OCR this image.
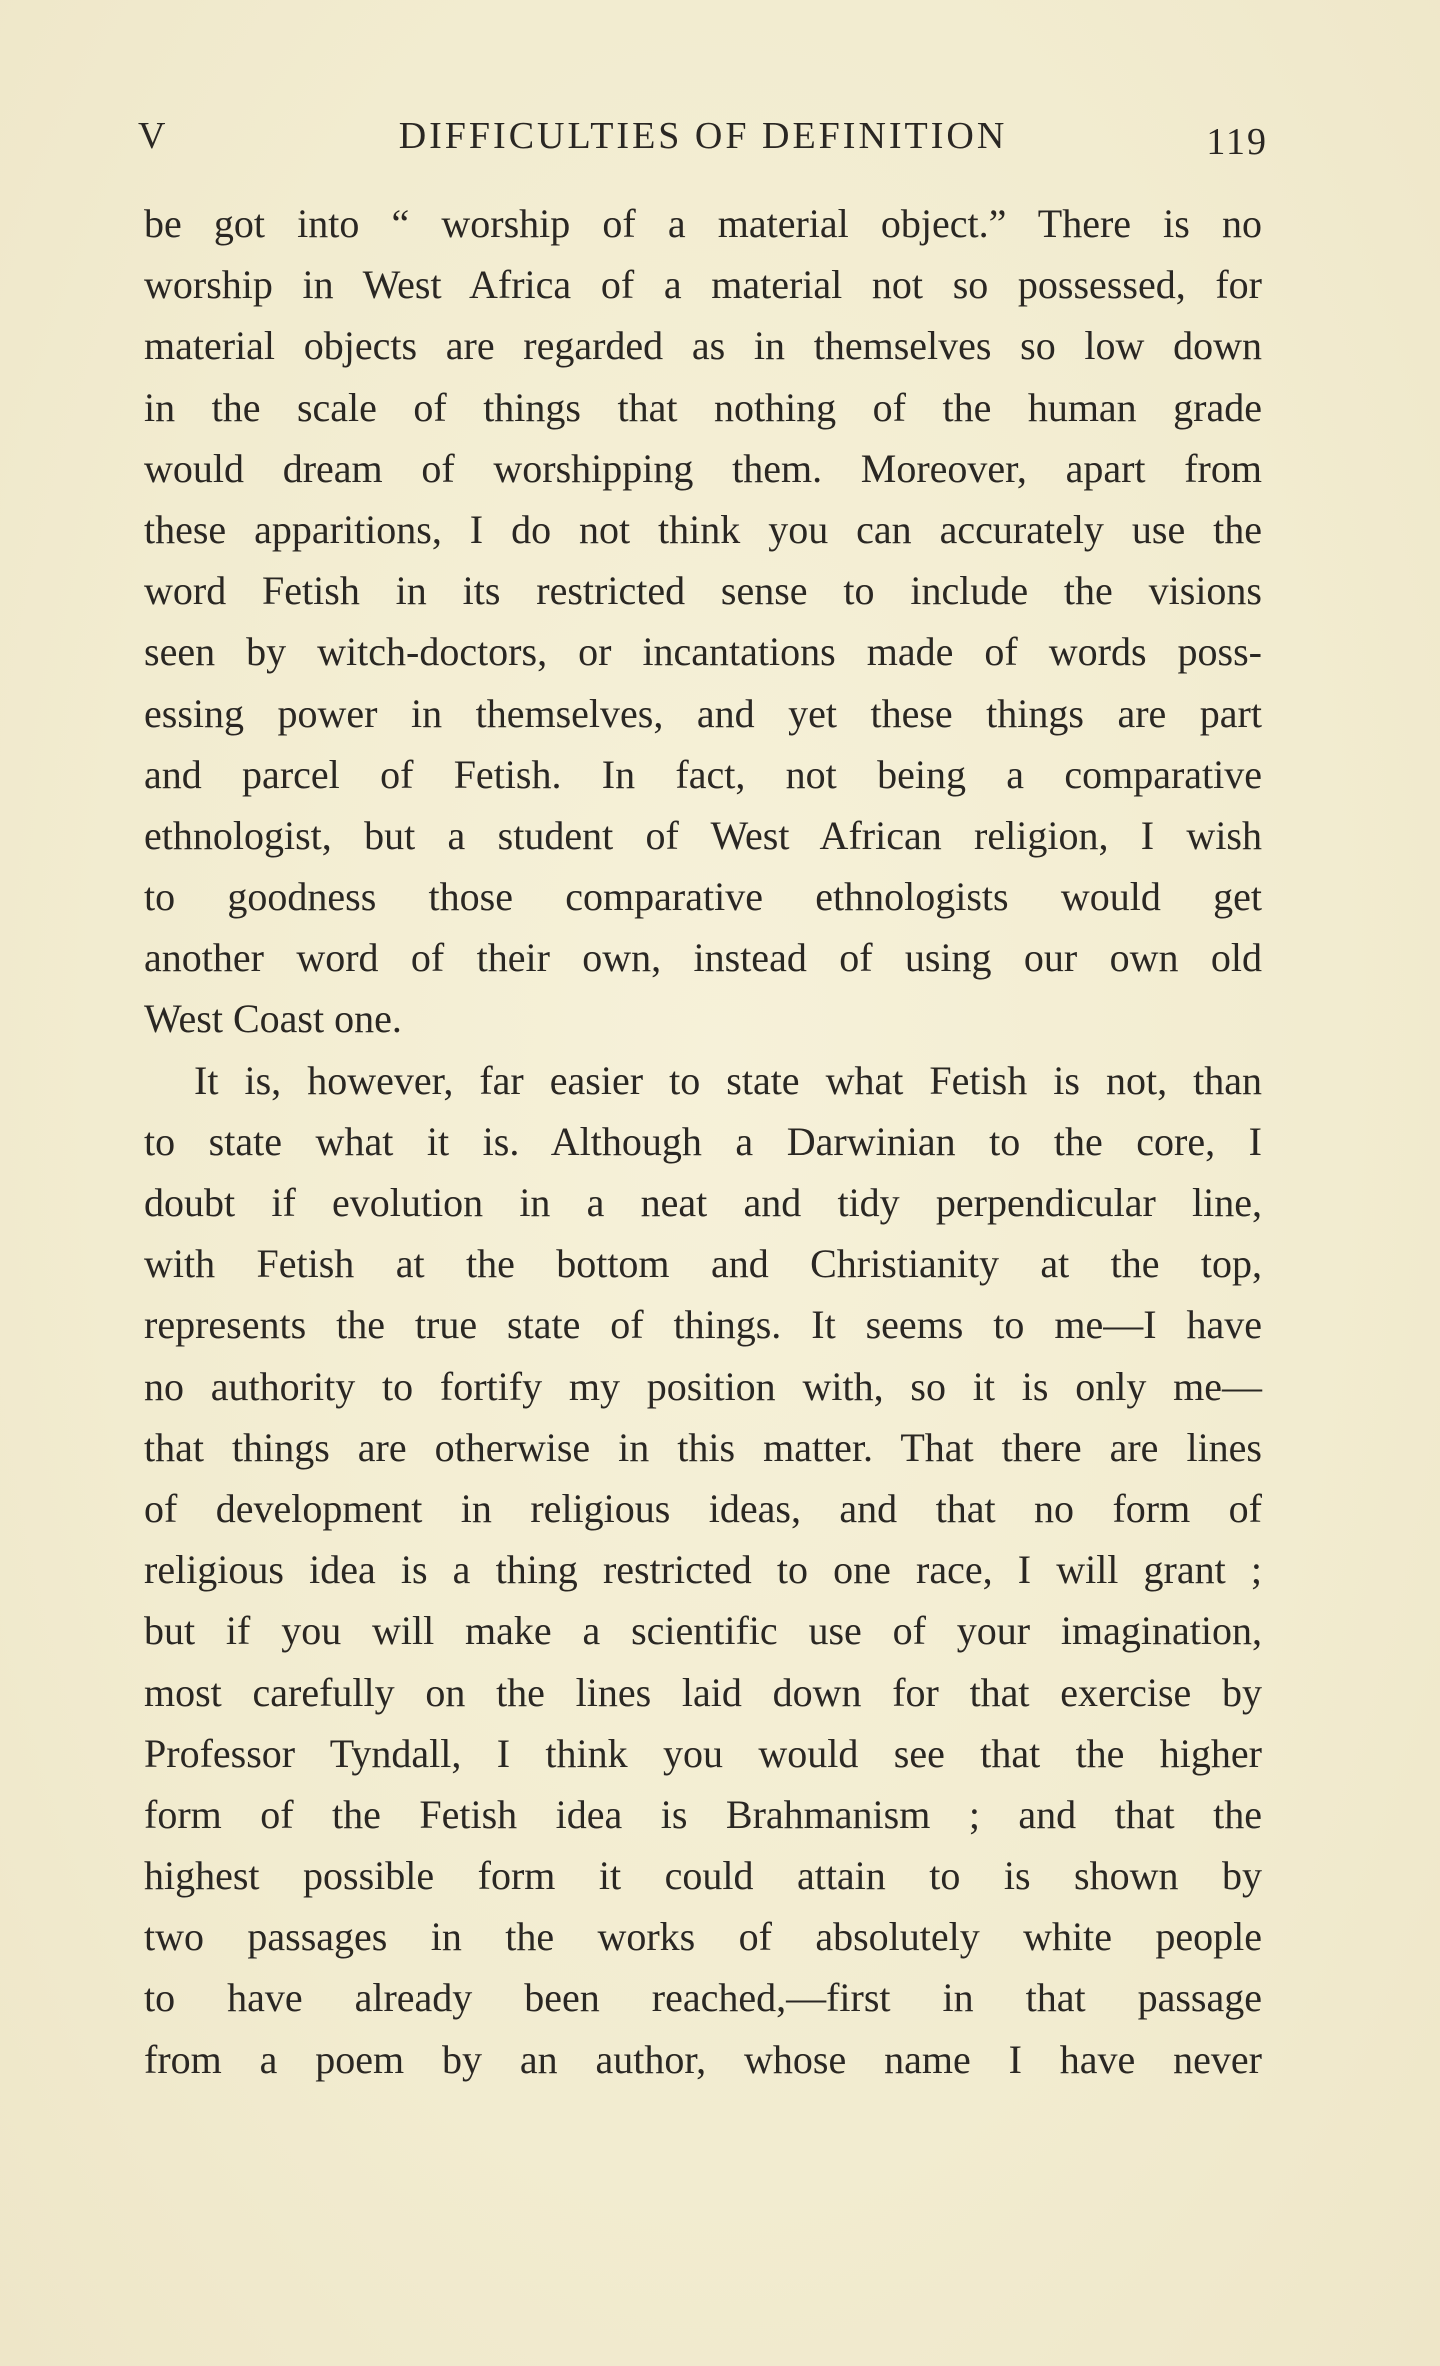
V	DIFFICULTIES OF DEFINITION	119
be got into “ worship of a material object.” There is no
worship in West Africa of a material not so possessed, for
material objects are regarded as in themselves so low down
in the scale of things that nothing of the human grade
would dream of worshipping them. Moreover, apart from
these apparitions, I do not think you can accurately use the
word Fetish in its restricted sense to include the visions
seen by witch-doctors, or incantations made of words poss-
essing power in themselves, and yet these things are part
and parcel of Fetish. In fact, not being a comparative
ethnologist, but a student of West African religion, I wish
to goodness those comparative ethnologists would get
another word of their own, instead of using our own old
West Coast one.
It is, however, far easier to state what Fetish is not, than
to state what it is. Although a Darwinian to the core, I
doubt if evolution in a neat and tidy perpendicular line,
with Fetish at the bottom and Christianity at the top,
represents the true state of things. It seems to me—I have
no authority to fortify my position with, so it is only me—
that things are otherwise in this matter. That there are lines
of development in religious ideas, and that no form of
religious idea is a thing restricted to one race, I will grant ;
but if you will make a scientific use of your imagination,
most carefully on the lines laid down for that exercise by
Professor Tyndall, I think you would see that the higher
form of the Fetish idea is Brahmanism ; and that the
highest possible form it could attain to is shown by
two passages in the works of absolutely white people
to have already been reached,—first in that passage
from a poem by an author, whose name I have never
